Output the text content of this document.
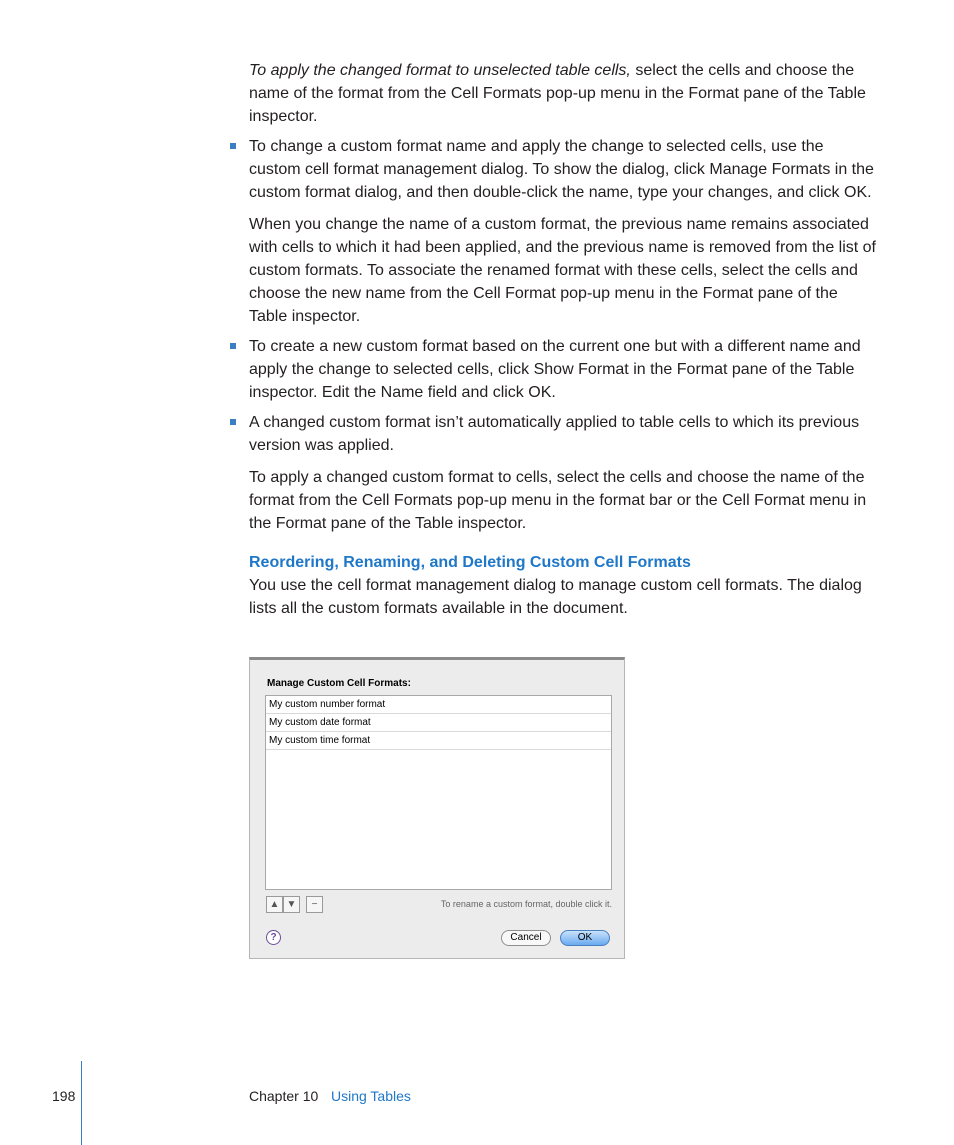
To apply the changed format to unselected table cells, select the cells and choose the name of the format from the Cell Formats pop-up menu in the Format pane of the Table inspector.

To change a custom format name and apply the change to selected cells, use the custom cell format management dialog. To show the dialog, click Manage Formats in the custom format dialog, and then double-click the name, type your changes, and click OK.

When you change the name of a custom format, the previous name remains associated with cells to which it had been applied, and the previous name is removed from the list of custom formats. To associate the renamed format with these cells, select the cells and choose the new name from the Cell Format pop-up menu in the Format pane of the Table inspector.

To create a new custom format based on the current one but with a different name and apply the change to selected cells, click Show Format in the Format pane of the Table inspector. Edit the Name field and click OK.

A changed custom format isn’t automatically applied to table cells to which its previous version was applied.

To apply a changed custom format to cells, select the cells and choose the name of the format from the Cell Formats pop-up menu in the format bar or the Cell Format menu in the Format pane of the Table inspector.

Reordering, Renaming, and Deleting Custom Cell Formats

You use the cell format management dialog to manage custom cell formats. The dialog lists all the custom formats available in the document.

Manage Custom Cell Formats:
My custom number format
My custom date format
My custom time format
▲ ▼	−	To rename a custom format, double click it.
?	Cancel	OK
198	Chapter 10 Using Tables
